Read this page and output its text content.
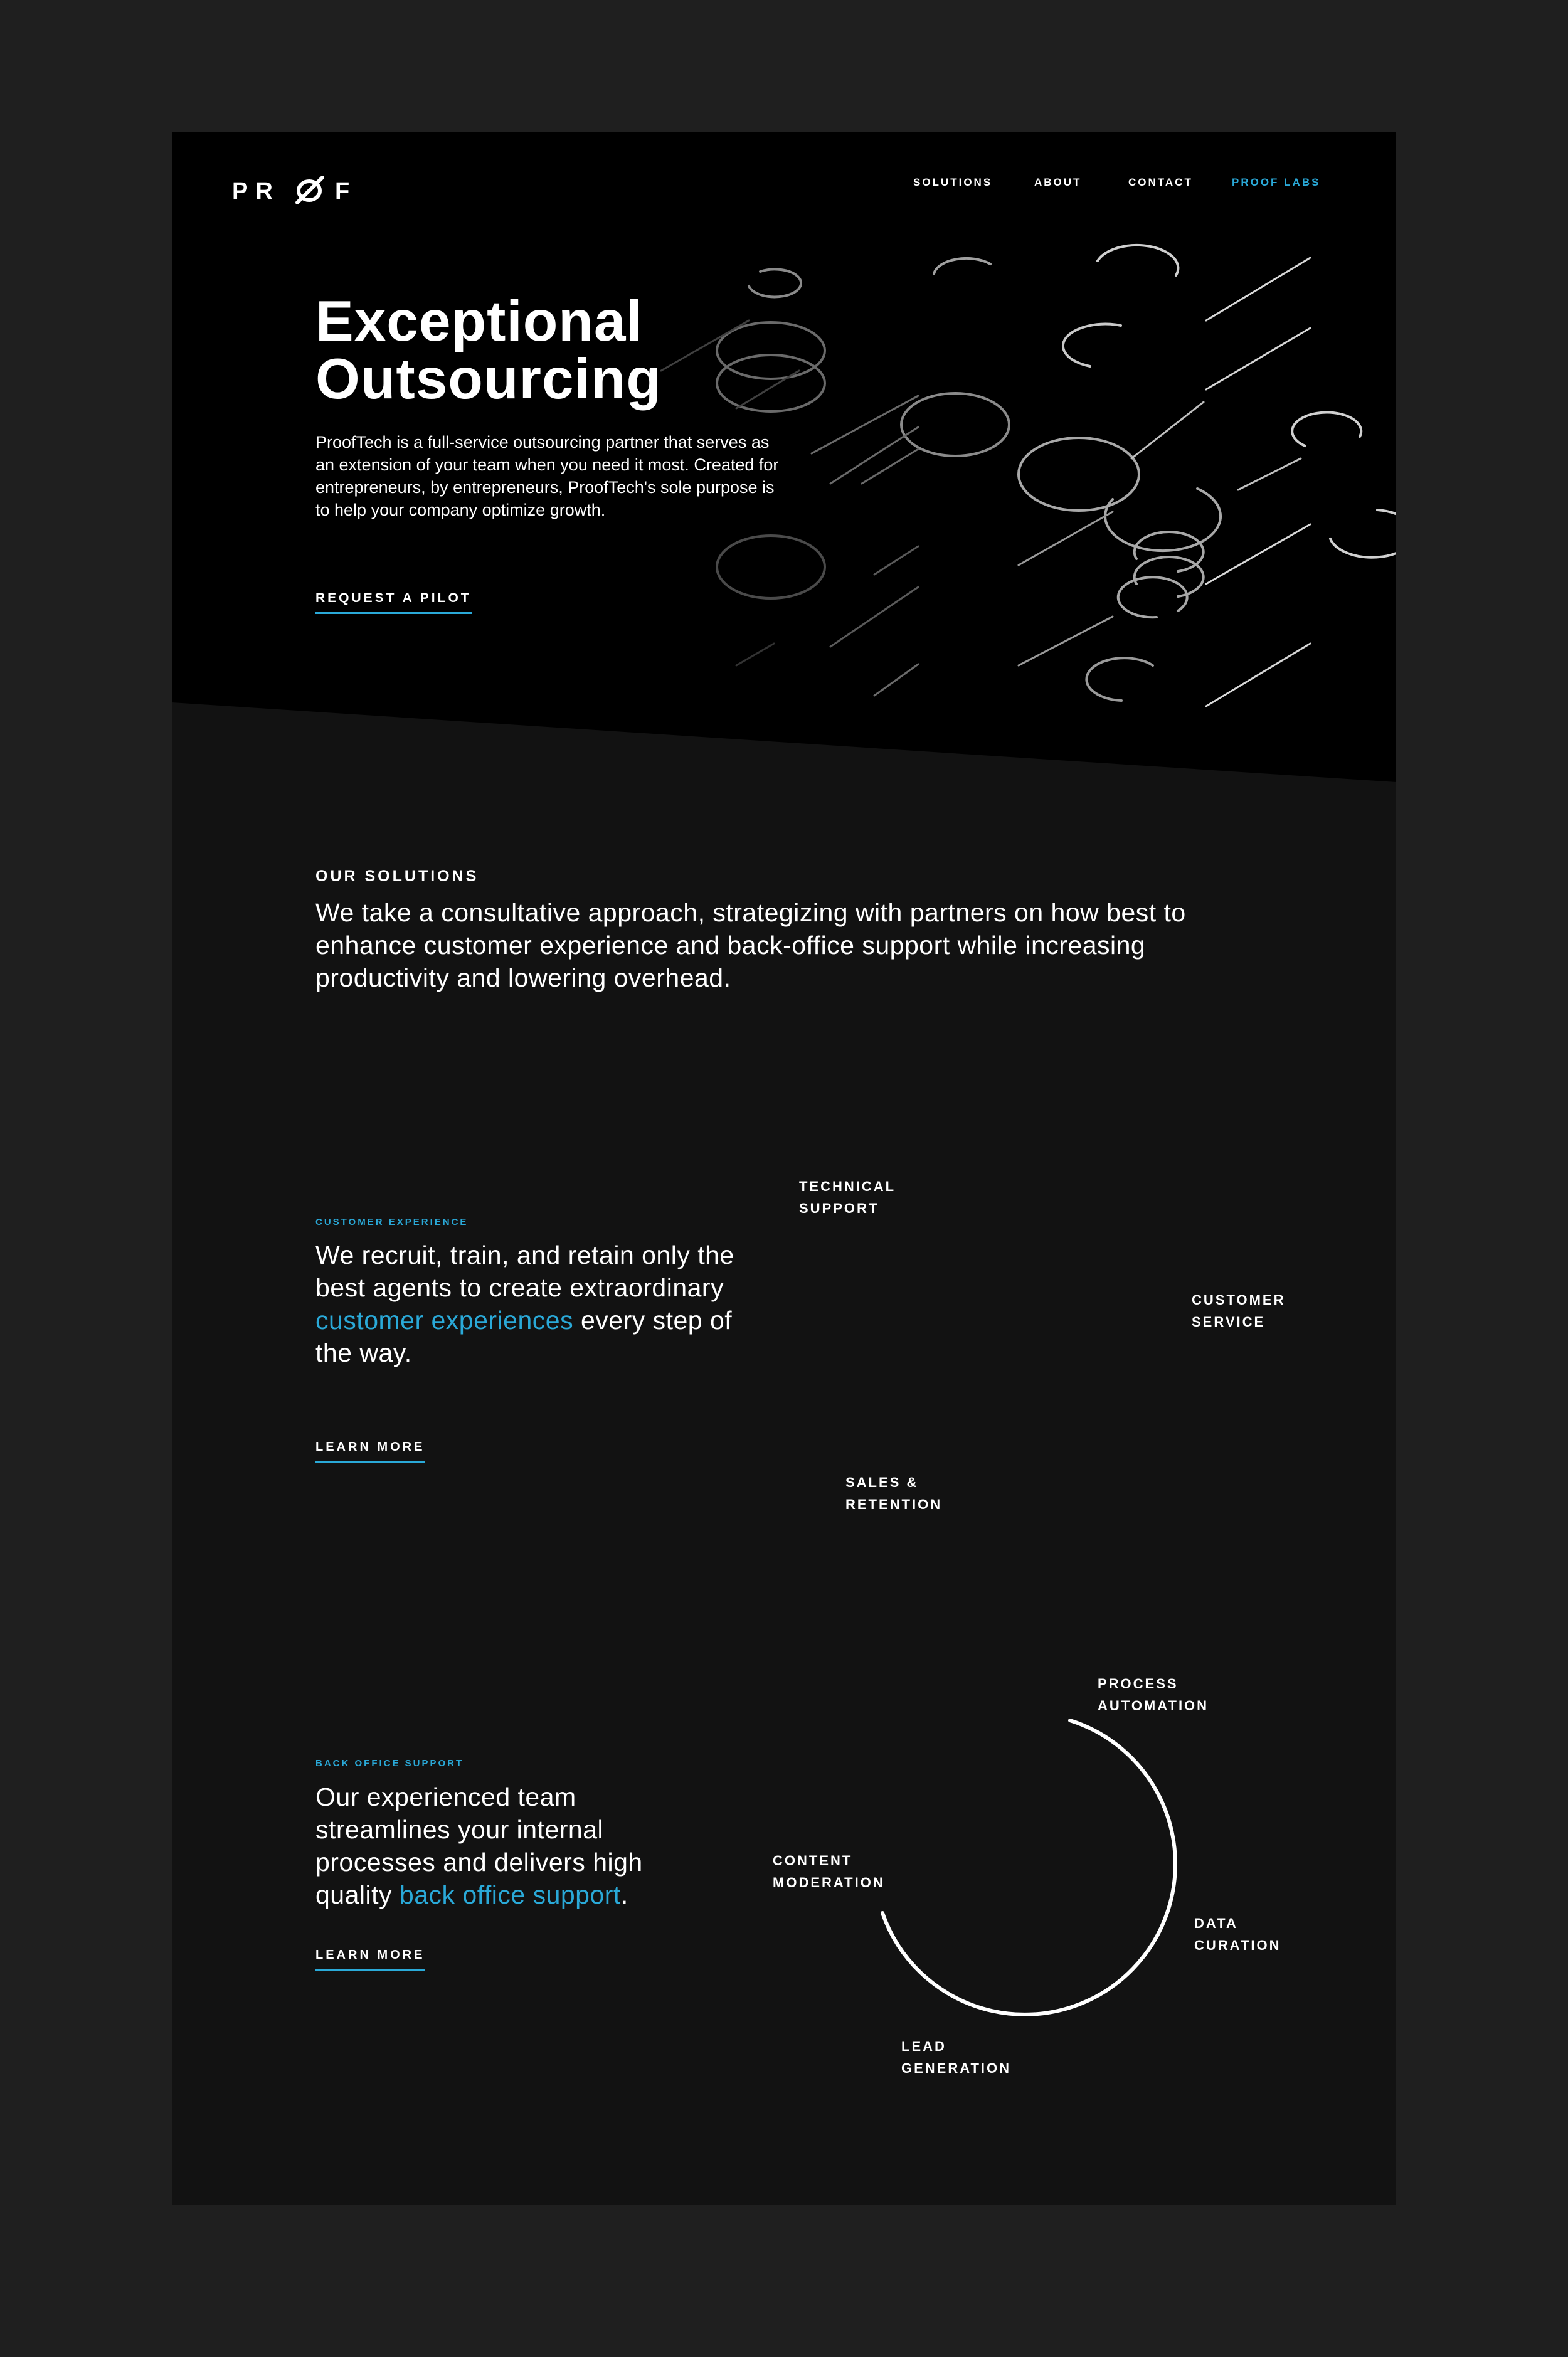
PR F	SOLUTIONS	ABOUT	CONTACT	PROOF LABS
Exceptional
Outsourcing

ProofTech is a full-service outsourcing partner that serves as an extension of your team when you need it most. Created for entrepreneurs, by entrepreneurs, ProofTech's sole purpose is to help your company optimize growth.

REQUEST A PILOT
OUR SOLUTIONS

We take a consultative approach, strategizing with partners on how best to enhance customer experience and back-office support while increasing productivity and lowering overhead.

CUSTOMER EXPERIENCE

We recruit, train, and retain only the best agents to create extraordinary customer experiences every step of the way.

LEARN MORE

TECHNICAL
SUPPORT

CUSTOMER
SERVICE

SALES &
RETENTION

BACK OFFICE SUPPORT

Our experienced team streamlines your internal processes and delivers high quality back office support.

LEARN MORE

PROCESS
AUTOMATION

CONTENT
MODERATION

DATA
CURATION

LEAD
GENERATION
